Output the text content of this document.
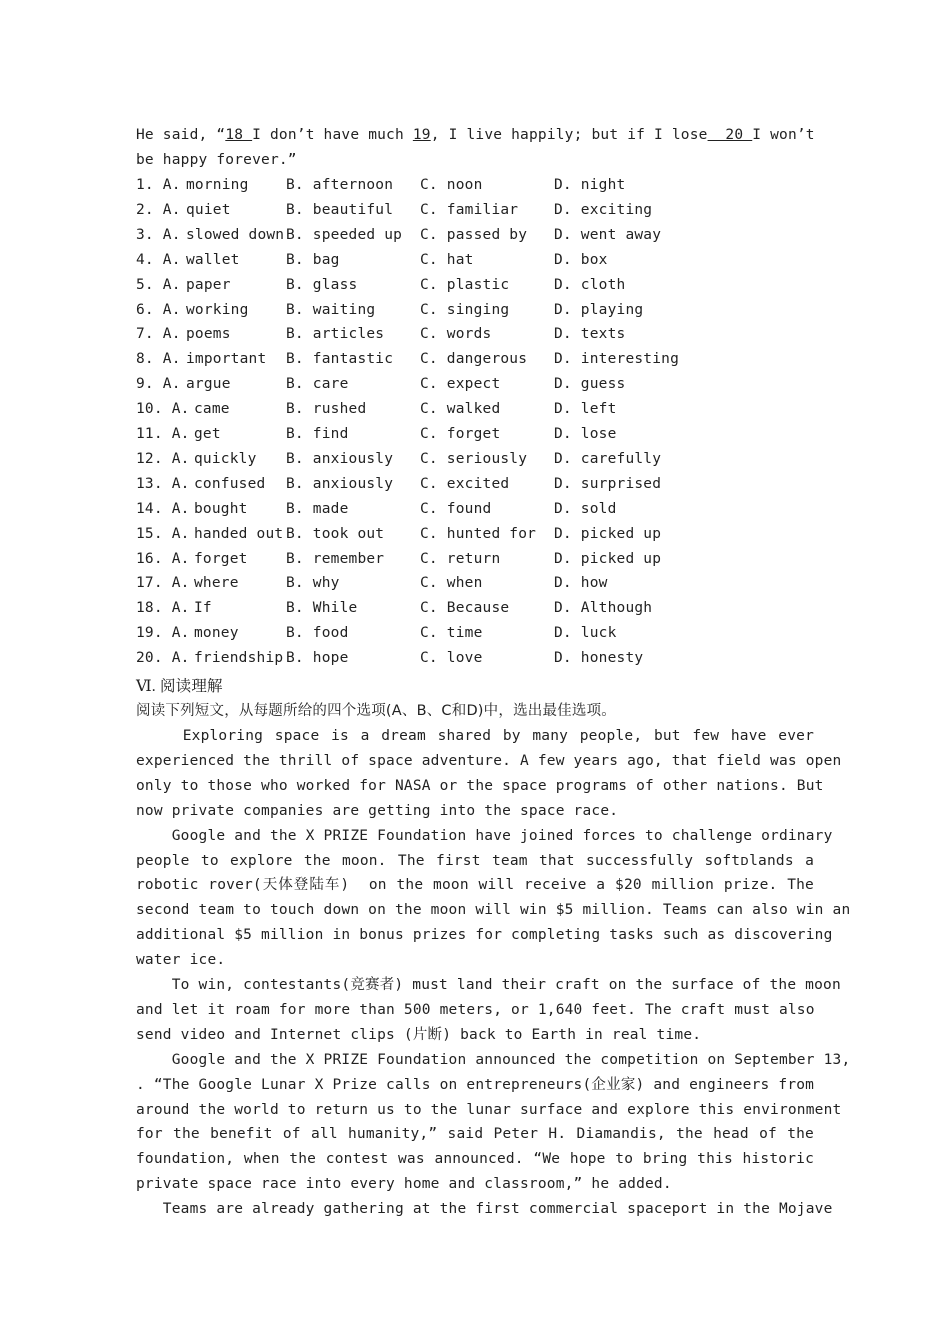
He said, “18 I don’t have much 19, I live happily; but if I lose  20 I won’t
be happy forever.”
1. A. morning	B. afternoon C. noon	D. night
2. A. quiet	B. beautiful C. familiar D. exciting
3. A. slowed down B. speeded up C. passed by D. went away
4. A. wallet	B. bag	C. hat	D. box
5. A. paper	B. glass	C. plastic	D. cloth
6. A. working	B. waiting	C. singing	D. playing
7. A. poems	B. articles C. words	D. texts
8. A. important B. fantastic C. dangerous D. interesting
9. A. argue	B. care	C. expect	D. guess
10. A. came	B. rushed	C. walked	D. left
11. A. get	B. find	C. forget	D. lose
12. A. quickly B. anxiously C. seriously D. carefully
13. A. confused B. anxiously C. excited	D. surprised
14. A. bought	B. made	C. found	D. sold
15. A. handed out B. took out C. hunted for D. picked up
16. A. forget	B. remember C. return	D. picked up
17. A. where	B. why	C. when	D. how
18. A. If	B. While	C. Because	D. Although
19. A. money	B. food	C. time	D. luck
20. A. friendship B. hope	C. love	D. honesty
Ⅵ. 阅读理解
阅读下列短文，从每题所给的四个选项(A、B、C和D)中，选出最佳选项。
Exploring space is a dream shared by many people, but few have ever
experienced the thrill of space adventure. A few years ago, that field was open
only to those who worked for NASA or the space programs of other nations. But
now private companies are getting into the space race.
Google and the X PRIZE Foundation have joined forces to challenge ordinary
people to explore the moon. The first team that successfully softᴅlands a
robotic rover(天体登陆车)  on the moon will receive a $20 million prize. The
second team to touch down on the moon will win $5 million. Teams can also win an
additional $5 million in bonus prizes for completing tasks such as discovering
water ice.
To win, contestants(竞赛者) must land their craft on the surface of the moon
and let it roam for more than 500 meters, or 1,640 feet. The craft must also
send video and Internet clips (片断) back to Earth in real time.
Google and the X PRIZE Foundation announced the competition on September 13,
. “The Google Lunar X Prize calls on entrepreneurs(企业家) and engineers from
around the world to return us to the lunar surface and explore this environment
for the benefit of all humanity,” said Peter H. Diamandis, the head of the
foundation, when the contest was announced. “We hope to bring this historic
private space race into every home and classroom,” he added.
Teams are already gathering at the first commercial spaceport in the Mojave
